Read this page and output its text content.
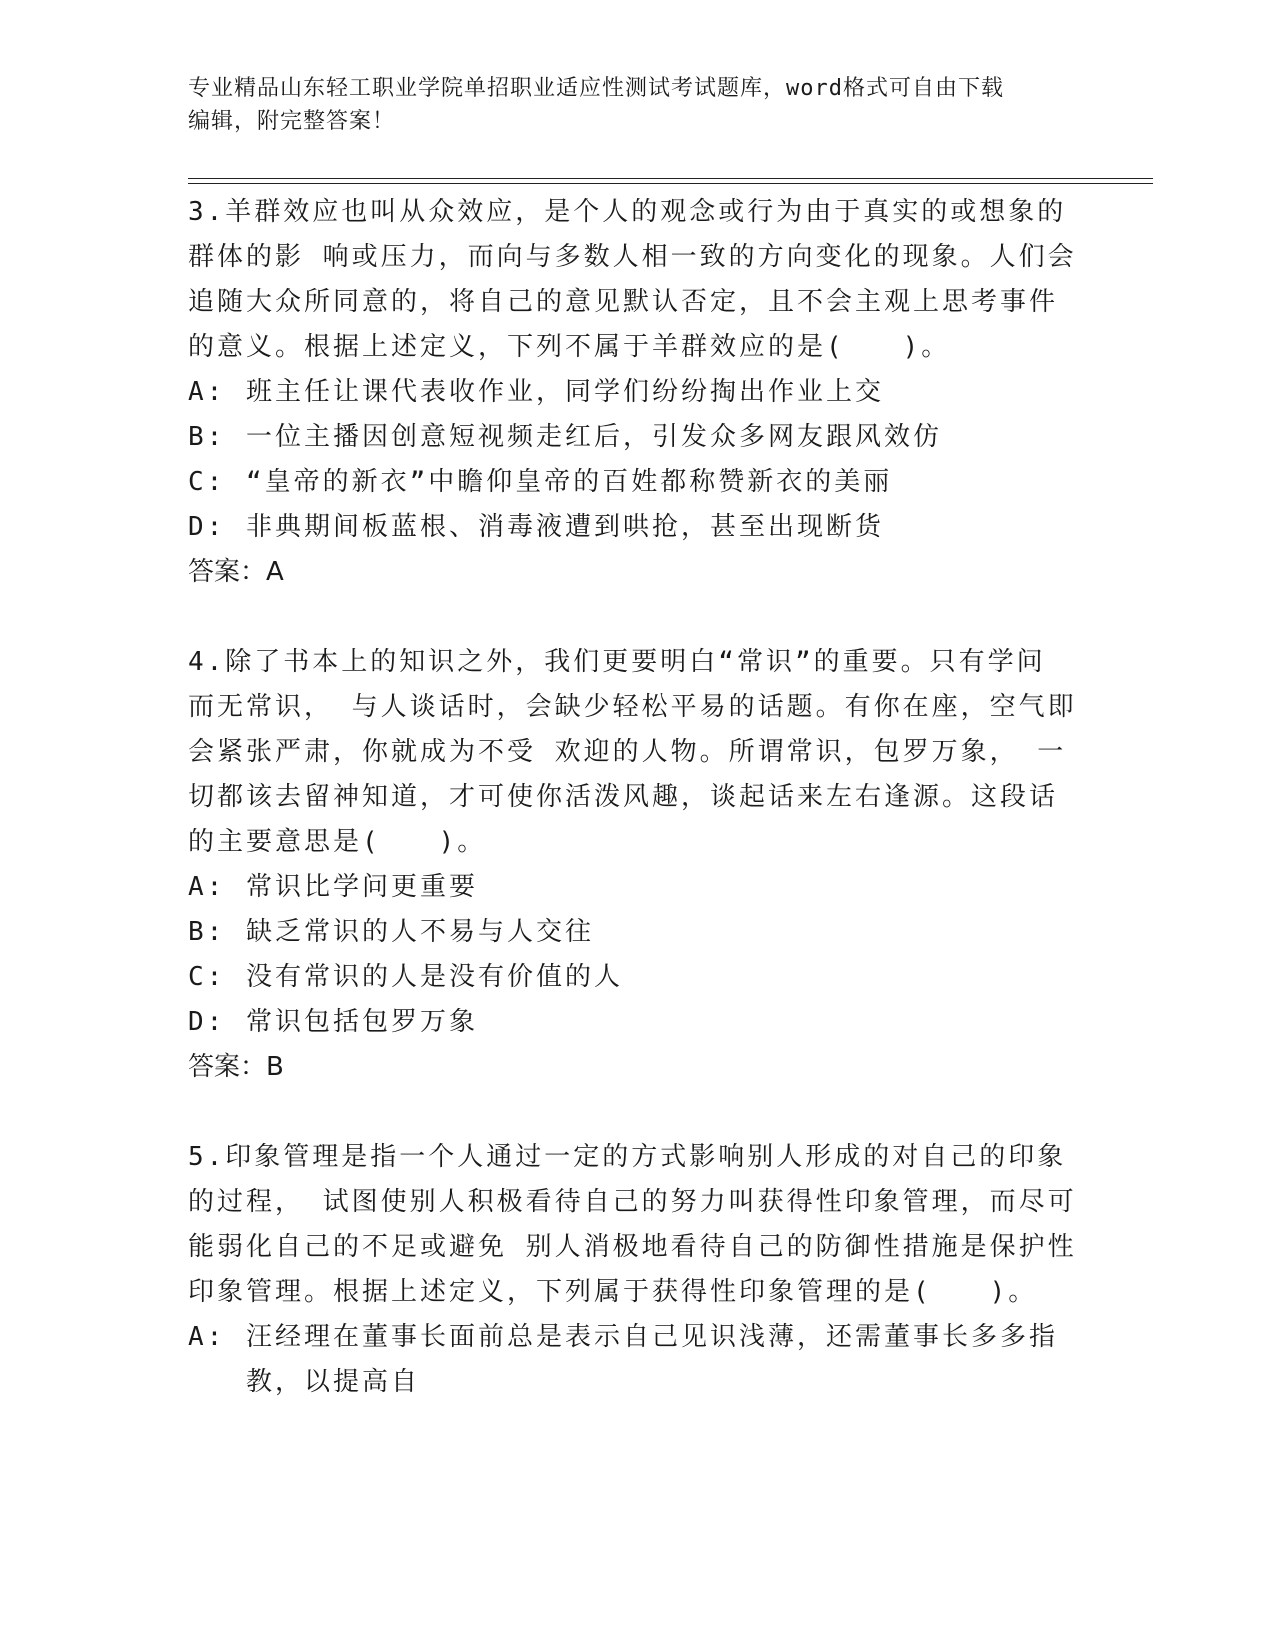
专业精品山东轻工职业学院单招职业适应性测试考试题库，word格式可自由下载
编辑，附完整答案！

3.羊群效应也叫从众效应，是个人的观念或行为由于真实的或想象的

群体的影 响或压力，而向与多数人相一致的方向变化的现象。人们会

追随大众所同意的，将自己的意见默认否定，且不会主观上思考事件

的意义。根据上述定义，下列不属于羊群效应的是(　　)。

A: 班主任让课代表收作业，同学们纷纷掏出作业上交
B: 一位主播因创意短视频走红后，引发众多网友跟风效仿
C: “皇帝的新衣”中瞻仰皇帝的百姓都称赞新衣的美丽
D: 非典期间板蓝根、消毒液遭到哄抢，甚至出现断货

答案：A

4.除了书本上的知识之外，我们更要明白“常识”的重要。只有学问

而无常识， 与人谈话时，会缺少轻松平易的话题。有你在座，空气即

会紧张严肃，你就成为不受 欢迎的人物。所谓常识，包罗万象， 一

切都该去留神知道，才可使你活泼风趣，谈起话来左右逢源。这段话

的主要意思是(　　)。

A: 常识比学问更重要
B: 缺乏常识的人不易与人交往
C: 没有常识的人是没有价值的人
D: 常识包括包罗万象

答案：B

5.印象管理是指一个人通过一定的方式影响别人形成的对自己的印象

的过程， 试图使别人积极看待自己的努力叫获得性印象管理，而尽可

能弱化自己的不足或避免 别人消极地看待自己的防御性措施是保护性

印象管理。根据上述定义，下列属于获得性印象管理的是(　　)。

A: 汪经理在董事长面前总是表示自己见识浅薄，还需董事长多多指教，以提高自
